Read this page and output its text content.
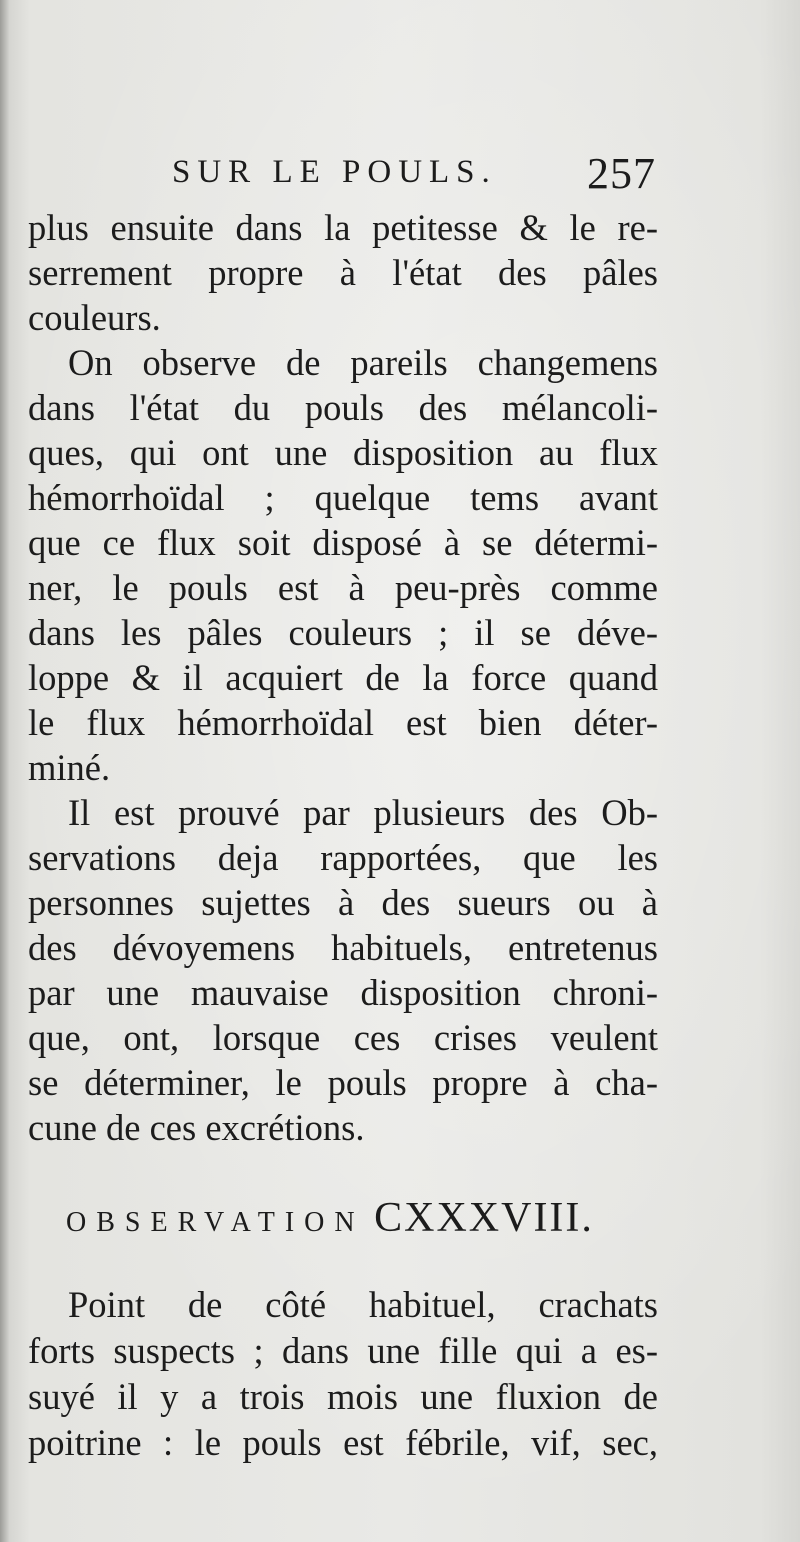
SUR LE POULS. 257
plus ensuite dans la petitesse & le re-
serrement propre à l'état des pâles
couleurs.
On observe de pareils changemens
dans l'état du pouls des mélancoli-
ques, qui ont une disposition au flux
hémorrhoïdal ; quelque tems avant
que ce flux soit disposé à se détermi-
ner, le pouls est à peu-près comme
dans les pâles couleurs ; il se déve-
loppe & il acquiert de la force quand
le flux hémorrhoïdal est bien déter-
miné.
Il est prouvé par plusieurs des Ob-
servations deja rapportées, que les
personnes sujettes à des sueurs ou à
des dévoyemens habituels, entretenus
par une mauvaise disposition chroni-
que, ont, lorsque ces crises veulent
se déterminer, le pouls propre à cha-
cune de ces excrétions.
OBSERVATION CXXXVIII.
Point de côté habituel, crachats
forts suspects ; dans une fille qui a es-
suyé il y a trois mois une fluxion de
poitrine : le pouls est fébrile, vif, sec,
